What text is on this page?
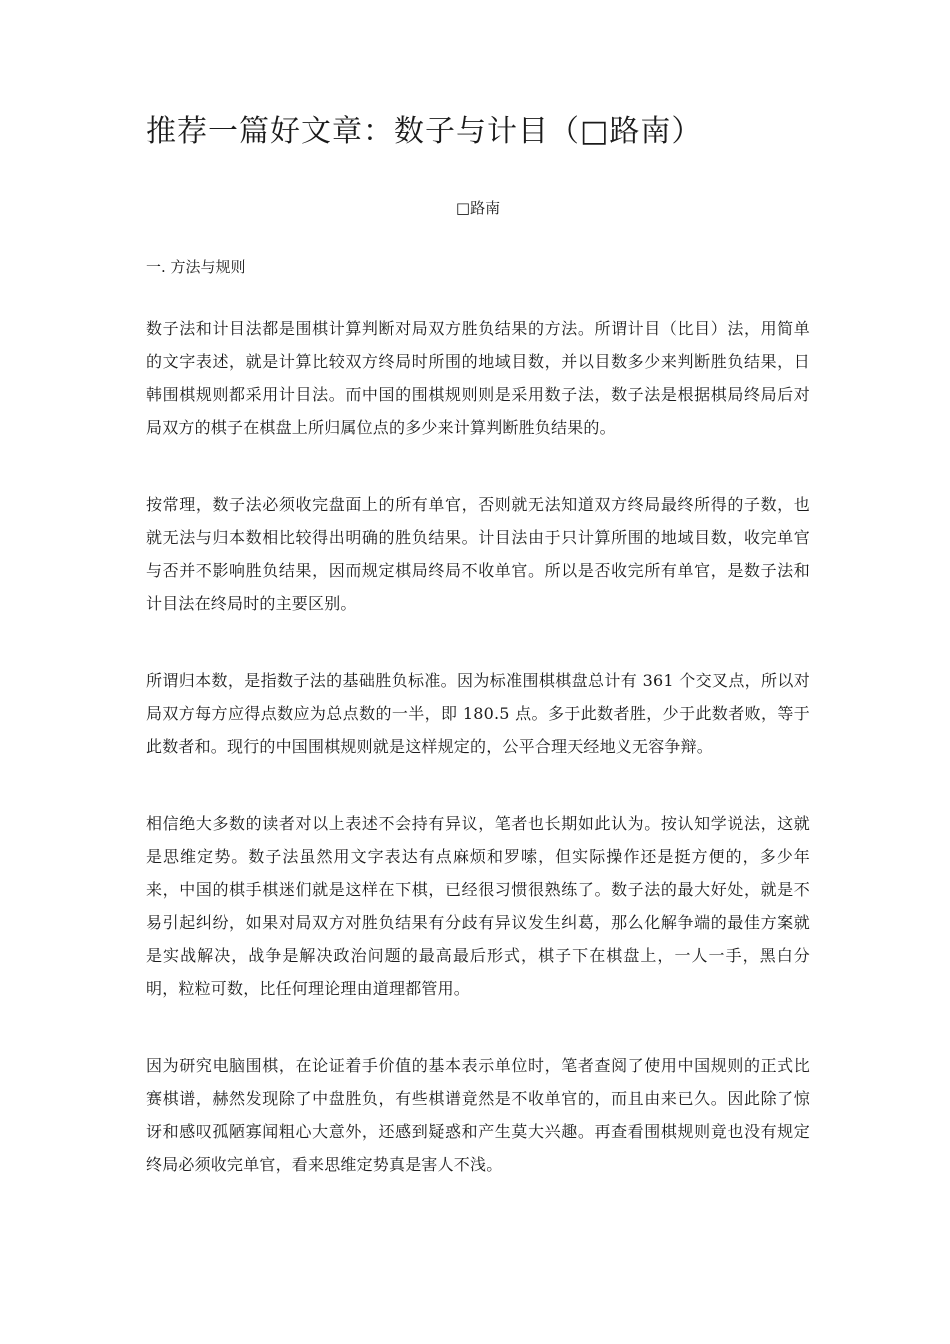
推荐一篇好文章：数子与计目（□路南）
□路南
一. 方法与规则

数子法和计目法都是围棋计算判断对局双方胜负结果的方法。所谓计目（比目）法，用简单的文字表述，就是计算比较双方终局时所围的地域目数，并以目数多少来判断胜负结果，日韩围棋规则都采用计目法。而中国的围棋规则则是采用数子法，数子法是根据棋局终局后对局双方的棋子在棋盘上所归属位点的多少来计算判断胜负结果的。

按常理，数子法必须收完盘面上的所有单官，否则就无法知道双方终局最终所得的子数，也就无法与归本数相比较得出明确的胜负结果。计目法由于只计算所围的地域目数，收完单官与否并不影响胜负结果，因而规定棋局终局不收单官。所以是否收完所有单官，是数子法和计目法在终局时的主要区别。

所谓归本数，是指数子法的基础胜负标准。因为标准围棋棋盘总计有 361 个交叉点，所以对局双方每方应得点数应为总点数的一半，即 180.5 点。多于此数者胜，少于此数者败，等于此数者和。现行的中国围棋规则就是这样规定的，公平合理天经地义无容争辩。

相信绝大多数的读者对以上表述不会持有异议，笔者也长期如此认为。按认知学说法，这就是思维定势。数子法虽然用文字表达有点麻烦和罗嗦，但实际操作还是挺方便的，多少年来，中国的棋手棋迷们就是这样在下棋，已经很习惯很熟练了。数子法的最大好处，就是不易引起纠纷，如果对局双方对胜负结果有分歧有异议发生纠葛，那么化解争端的最佳方案就是实战解决，战争是解决政治问题的最高最后形式，棋子下在棋盘上，一人一手，黑白分明，粒粒可数，比任何理论理由道理都管用。

因为研究电脑围棋，在论证着手价值的基本表示单位时，笔者查阅了使用中国规则的正式比赛棋谱，赫然发现除了中盘胜负，有些棋谱竟然是不收单官的，而且由来已久。因此除了惊讶和感叹孤陋寡闻粗心大意外，还感到疑惑和产生莫大兴趣。再查看围棋规则竟也没有规定终局必须收完单官，看来思维定势真是害人不浅。
